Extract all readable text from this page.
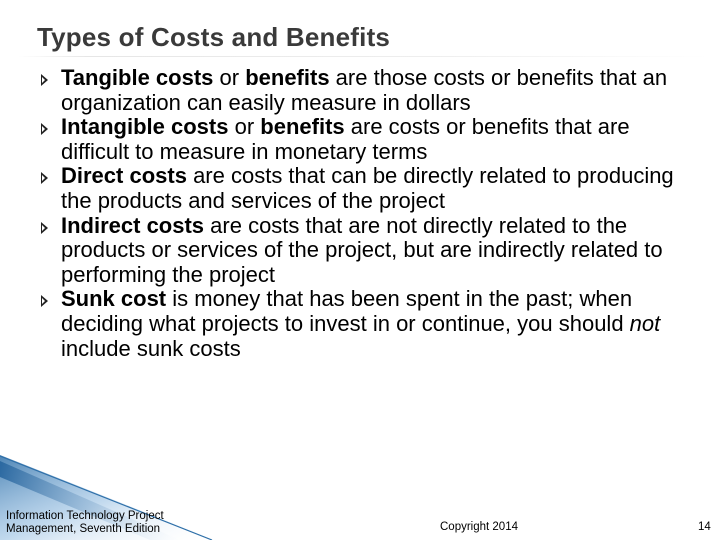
Types of Costs and Benefits
Tangible costs or benefits are those costs or benefits that an organization can easily measure in dollars
Intangible costs or benefits are costs or benefits that are difficult to measure in monetary terms
Direct costs are costs that can be directly related to producing the products and services of the project
Indirect costs are costs that are not directly related to the products or services of the project, but are indirectly related to performing the project
Sunk cost is money that has been spent in the past; when deciding what projects to invest in or continue, you should not include sunk costs
Information Technology Project
Management, Seventh Edition	Copyright 2014	14
